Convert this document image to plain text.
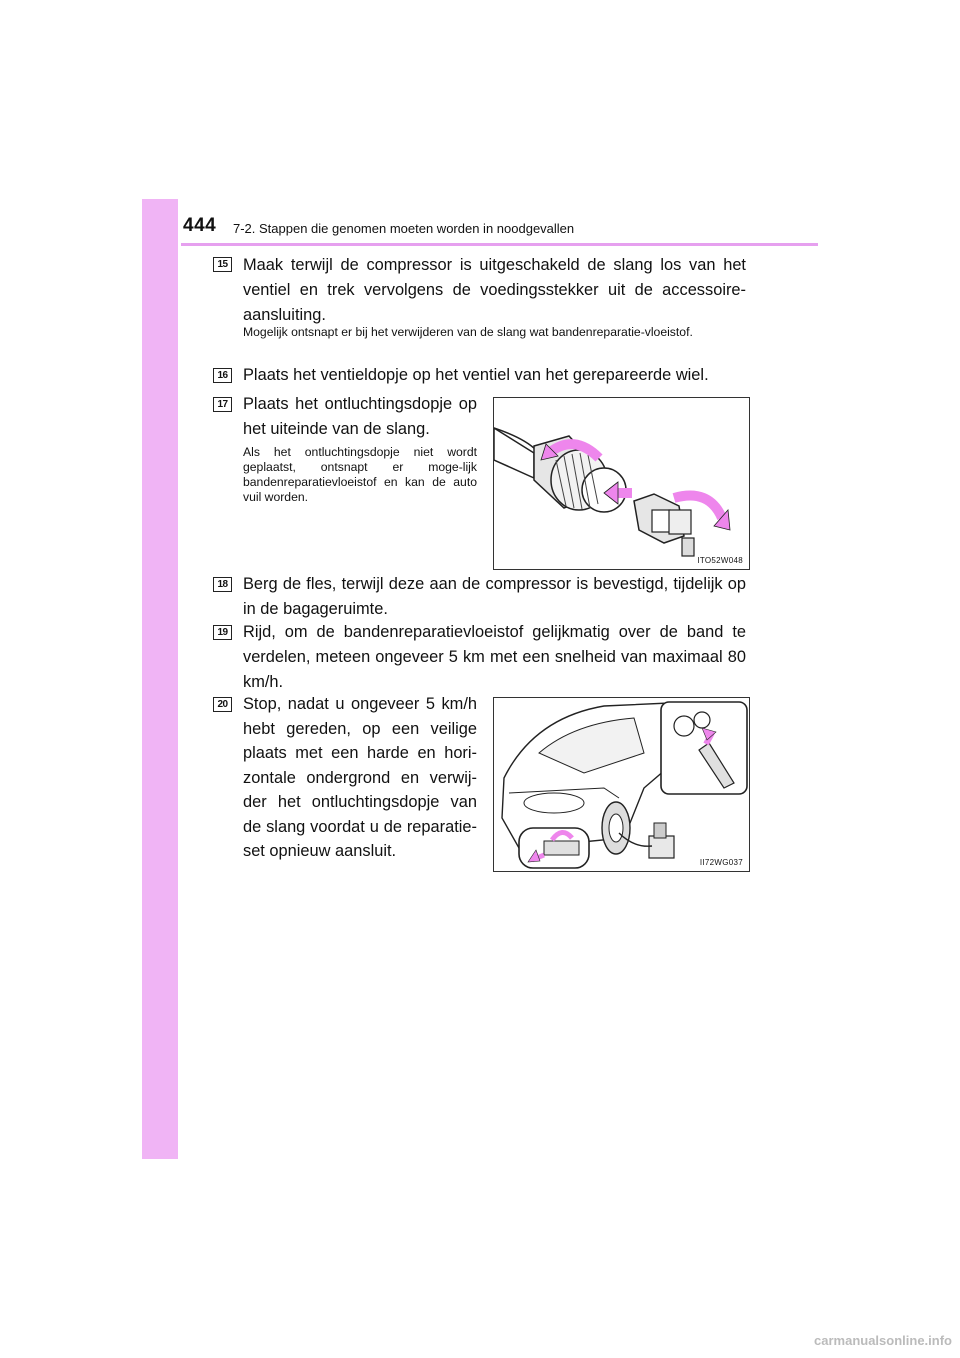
444 7-2. Stappen die genomen moeten worden in noodgevallen
15 Maak terwijl de compressor is uitgeschakeld de slang los van het ventiel en trek vervolgens de voedingsstekker uit de accessoire-aansluiting.
Mogelijk ontsnapt er bij het verwijderen van de slang wat bandenreparatie-vloeistof.
16 Plaats het ventieldopje op het ventiel van het gerepareerde wiel.
17 Plaats het ontluchtingsdopje op het uiteinde van de slang.
Als het ontluchtingsdopje niet wordt geplaatst, ontsnapt er moge-lijk bandenreparatievloeistof en kan de auto vuil worden.
ITO52W048
18 Berg de fles, terwijl deze aan de compressor is bevestigd, tijdelijk op in de bagageruimte.
19 Rijd, om de bandenreparatievloeistof gelijkmatig over de band te verdelen, meteen ongeveer 5 km met een snelheid van maximaal 80 km/h.
20 Stop, nadat u ongeveer 5 km/h hebt gereden, op een veilige plaats met een harde en hori-zontale ondergrond en verwij-der het ontluchtingsdopje van de slang voordat u de reparatie-set opnieuw aansluit.
II72WG037
carmanualsonline.info
